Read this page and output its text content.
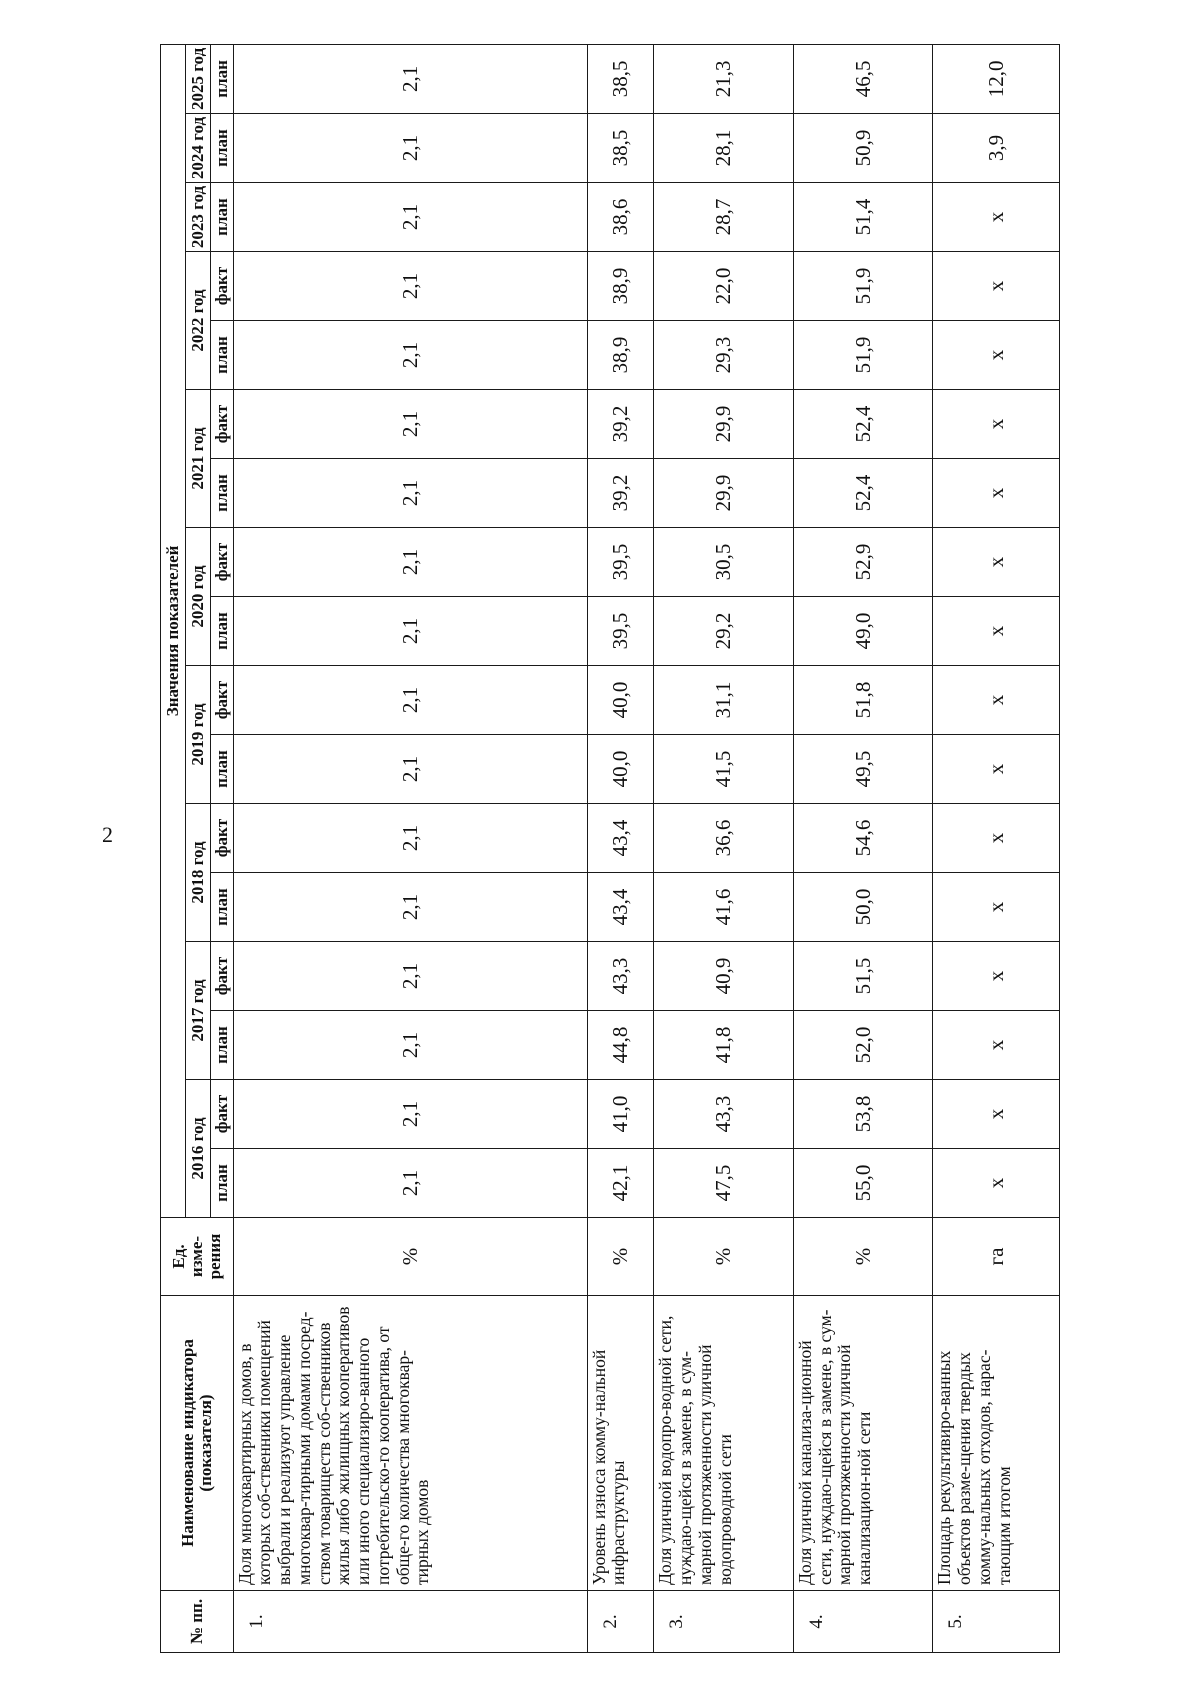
2
№ пп.	Наименование индикатора (показателя)	Ед. изме-рения	Значения показателей																
			2016 год		2017 год		2018 год		2019 год		2020 год		2021 год		2022 год		2023 год	2024 год	2025 год
			план	факт	план	факт	план	факт	план	факт	план	факт	план	факт	план	факт	план	план	план
1.	Доля многоквартирных домов, в которых соб-ственники помещений выбрали и реализуют управление многоквар-тирными домами посред-ством товариществ соб-ственников жилья либо жилищных кооперативов или иного специализиро-ванного потребительско-го кооператива, от обще-го количества многоквар-тирных домов	%	2,1	2,1	2,1	2,1	2,1	2,1	2,1	2,1	2,1	2,1	2,1	2,1	2,1	2,1	2,1	2,1	2,1
2.	Уровень износа комму-нальной инфраструктуры	%	42,1	41,0	44,8	43,3	43,4	43,4	40,0	40,0	39,5	39,5	39,2	39,2	38,9	38,9	38,6	38,5	38,5
3.	Доля уличной водопро-водной сети, нуждаю-щейся в замене, в сум-марной протяженности уличной водопроводной сети	%	47,5	43,3	41,8	40,9	41,6	36,6	41,5	31,1	29,2	30,5	29,9	29,9	29,3	22,0	28,7	28,1	21,3
4.	Доля уличной канализа-ционной сети, нуждаю-щейся в замене, в сум-марной протяженности уличной канализацион-ной сети	%	55,0	53,8	52,0	51,5	50,0	54,6	49,5	51,8	49,0	52,9	52,4	52,4	51,9	51,9	51,4	50,9	46,5
5.	Площадь рекультивиро-ванных объектов разме-щения твердых комму-нальных отходов, нарас-тающим итогом	га	х	х	х	х	х	х	х	х	х	х	х	х	х	х	х	3,9	12,0
